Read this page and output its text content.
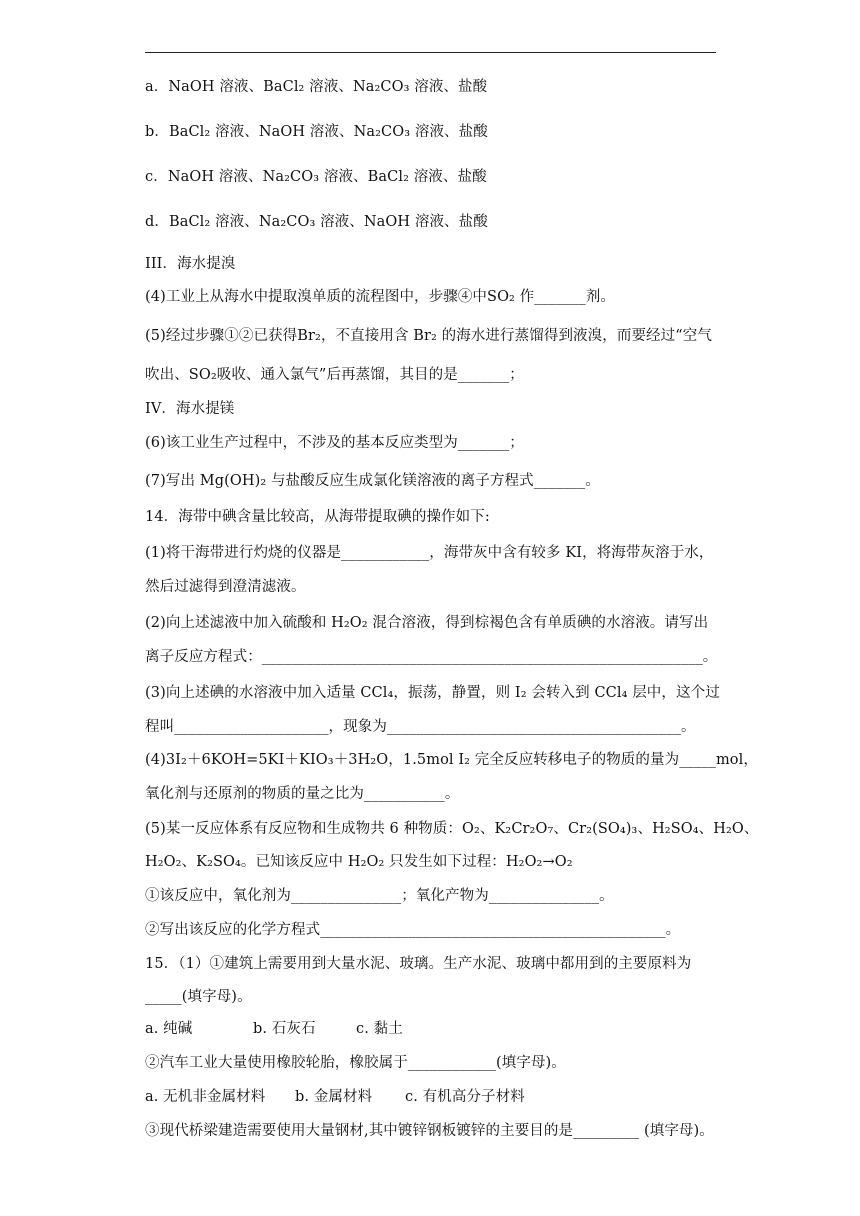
a．NaOH 溶液、BaCl₂ 溶液、Na₂CO₃ 溶液、盐酸
b．BaCl₂ 溶液、NaOH 溶液、Na₂CO₃ 溶液、盐酸
c．NaOH 溶液、Na₂CO₃ 溶液、BaCl₂ 溶液、盐酸
d．BaCl₂ 溶液、Na₂CO₃ 溶液、NaOH 溶液、盐酸
III．海水提溴
(4)工业上从海水中提取溴单质的流程图中，步骤④中SO₂ 作_______剂。
(5)经过步骤①②已获得Br₂，不直接用含 Br₂ 的海水进行蒸馏得到液溴，而要经过“空气
吹出、SO₂吸收、通入氯气”后再蒸馏，其目的是_______；
IV．海水提镁
(6)该工业生产过程中，不涉及的基本反应类型为_______；
(7)写出 Mg(OH)₂ 与盐酸反应生成氯化镁溶液的离子方程式_______。
14．海带中碘含量比较高，从海带提取碘的操作如下:
(1)将干海带进行灼烧的仪器是____________，海带灰中含有较多 KI，将海带灰溶于水，
然后过滤得到澄清滤液。
(2)向上述滤液中加入硫酸和 H₂O₂ 混合溶液，得到棕褐色含有单质碘的水溶液。请写出
离子反应方程式：____________________________________________________________。
(3)向上述碘的水溶液中加入适量 CCl₄，振荡，静置，则 I₂ 会转入到 CCl₄ 层中，这个过
程叫_____________________，现象为________________________________________。
(4)3I₂＋6KOH=5KI＋KIO₃＋3H₂O，1.5mol I₂ 完全反应转移电子的物质的量为_____mol，
氧化剂与还原剂的物质的量之比为___________。
(5)某一反应体系有反应物和生成物共 6 种物质：O₂、K₂Cr₂O₇、Cr₂(SO₄)₃、H₂SO₄、H₂O、
H₂O₂、K₂SO₄。已知该反应中 H₂O₂ 只发生如下过程：H₂O₂→O₂
①该反应中，氧化剂为_______________；氧化产物为_______________。
②写出该反应的化学方程式_______________________________________________。
15．（1）①建筑上需要用到大量水泥、玻璃。生产水泥、玻璃中都用到的主要原料为
_____(填字母)。
a. 纯碱	b. 石灰石	c. 黏土
②汽车工业大量使用橡胶轮胎，橡胶属于____________(填字母)。
a. 无机非金属材料 b. 金属材料 c. 有机高分子材料
③现代桥梁建造需要使用大量钢材,其中镀锌钢板镀锌的主要目的是_________ (填字母)。
